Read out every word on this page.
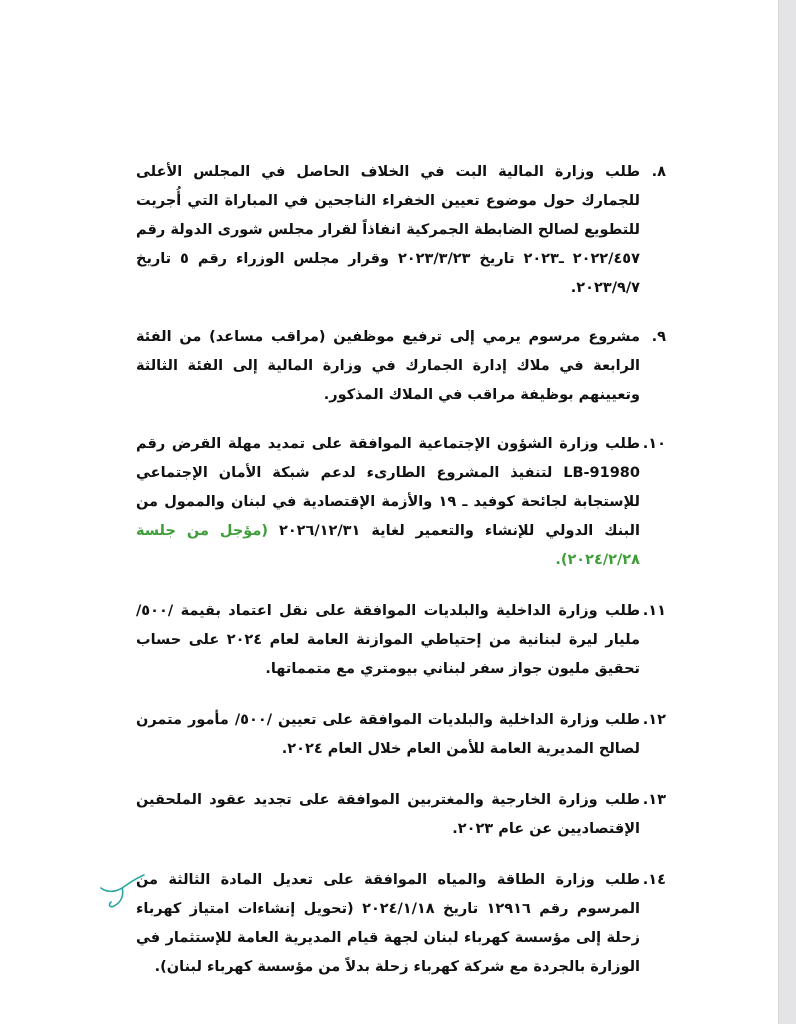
٨.
طلب وزارة المالية البت في الخلاف الحاصل في المجلس الأعلى للجمارك حول موضوع تعيين الخفراء الناجحين في المباراة التي أُجريت للتطويع لصالح الضابطة الجمركية انفاذاً لقرار مجلس شورى الدولة رقم ٢٠٢٢/٤٥٧ ـ٢٠٢٣ تاريخ ٢٠٢٣/٣/٢٣ وقرار مجلس الوزراء رقم ٥ تاريخ ٢٠٢٣/٩/٧.
٩.
مشروع مرسوم يرمي إلى ترفيع موظفين (مراقب مساعد) من الفئة الرابعة في ملاك إدارة الجمارك في وزارة المالية إلى الفئة الثالثة وتعيينهم بوظيفة مراقب في الملاك المذكور.
١٠.
طلب وزارة الشؤون الإجتماعية الموافقة على تمديد مهلة القرض رقم LB-91980 لتنفيذ المشروع الطارىء لدعم شبكة الأمان الإجتماعي للإستجابة لجائحة كوفيد ـ ١٩ والأزمة الإقتصادية في لبنان والممول من البنك الدولي للإنشاء والتعمير لغاية ٢٠٢٦/١٢/٣١ (مؤجل من جلسة ٢٠٢٤/٢/٢٨).
١١.
طلب وزارة الداخلية والبلديات الموافقة على نقل اعتماد بقيمة /٥٠٠/ مليار ليرة لبنانية من إحتياطي الموازنة العامة لعام ٢٠٢٤ على حساب تحقيق مليون جواز سفر لبناني بيومتري مع متمماتها.
١٢.
طلب وزارة الداخلية والبلديات الموافقة على تعيين /٥٠٠/ مأمور متمرن لصالح المديرية العامة للأمن العام خلال العام ٢٠٢٤.
١٣.
طلب وزارة الخارجية والمغتربين الموافقة على تجديد عقود الملحقين الإقتصاديين عن عام ٢٠٢٣.
١٤.
طلب وزارة الطاقة والمياه الموافقة على تعديل المادة الثالثة من المرسوم رقم ١٢٩١٦ تاريخ ٢٠٢٤/١/١٨ (تحويل إنشاءات امتياز كهرباء زحلة إلى مؤسسة كهرباء لبنان لجهة قيام المديرية العامة للإستثمار في الوزارة بالجردة مع شركة كهرباء زحلة بدلاً من مؤسسة كهرباء لبنان).
